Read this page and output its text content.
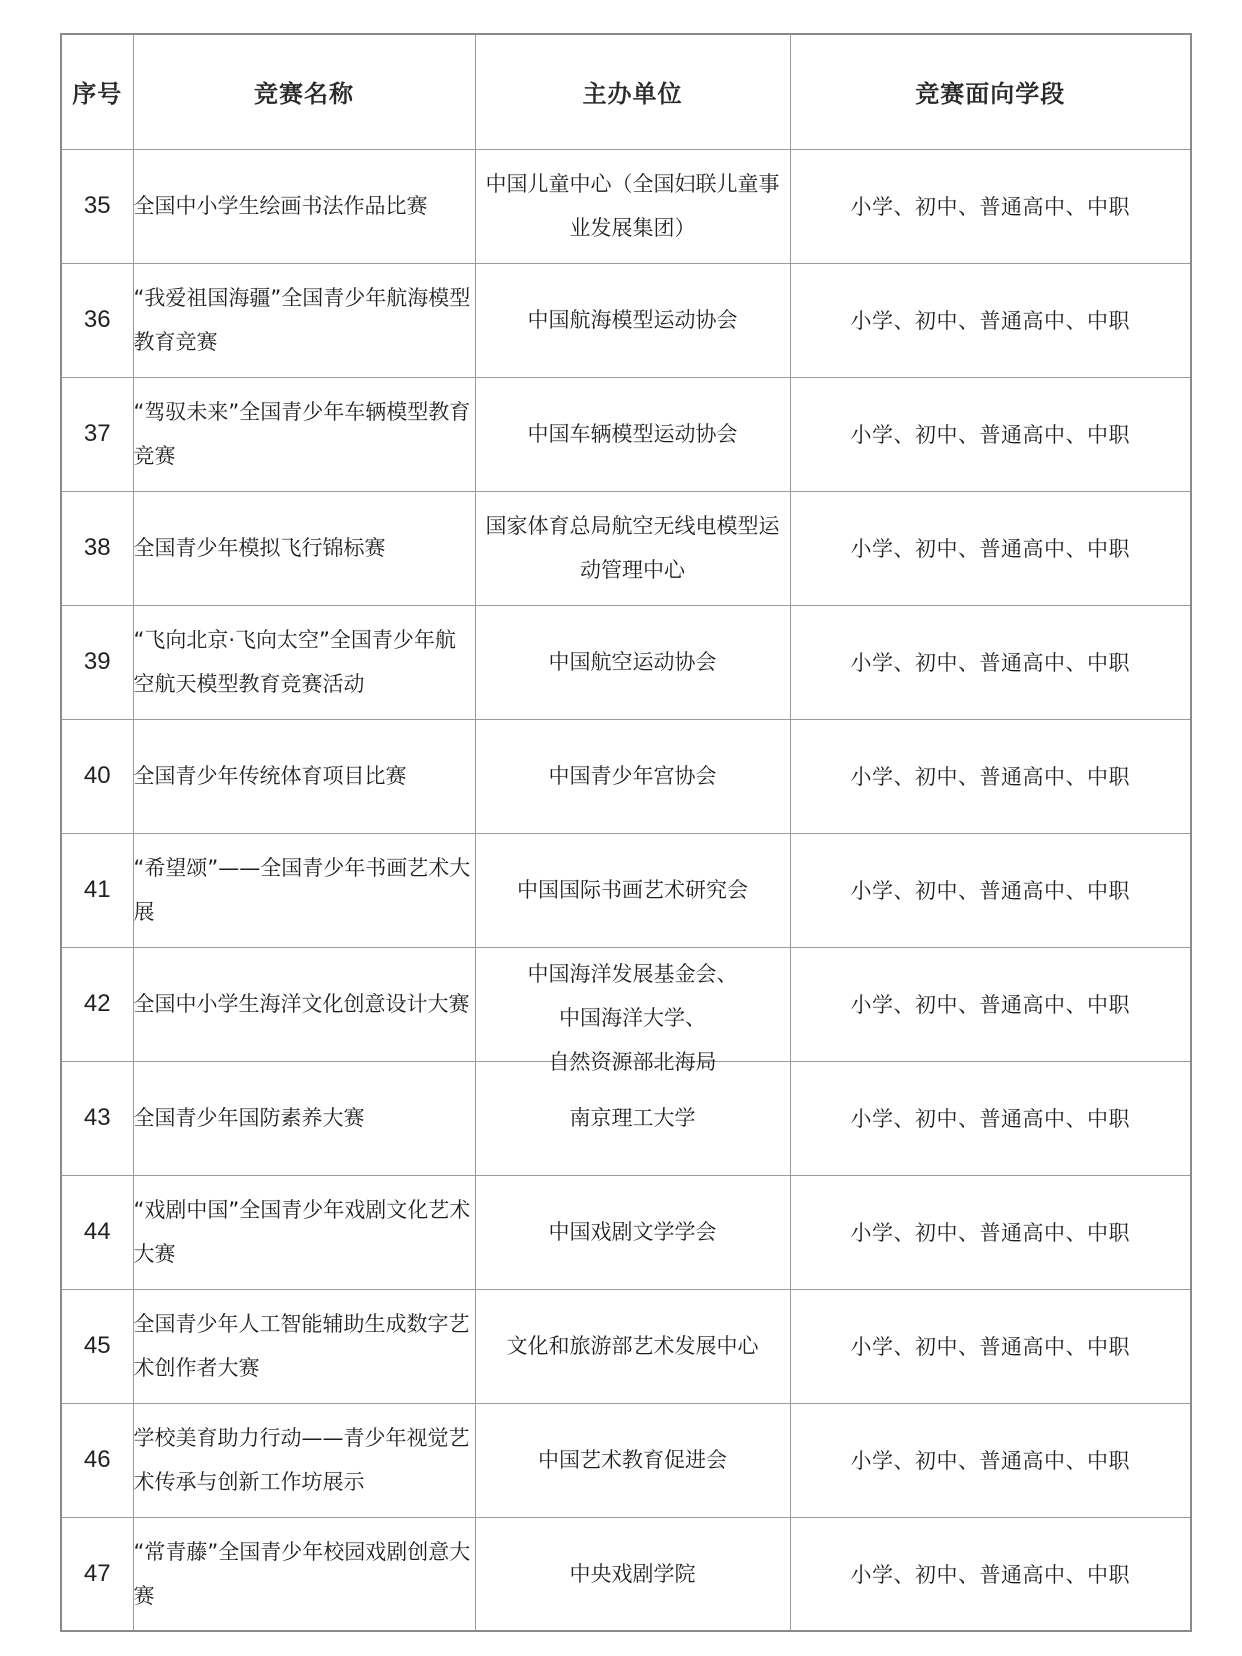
序号	竞赛名称	主办单位	竞赛面向学段
35	全国中小学生绘画书法作品比赛	中国儿童中心（全国妇联儿童事业发展集团）	小学、初中、普通高中、中职
36	“我爱祖国海疆”全国青少年航海模型教育竞赛	中国航海模型运动协会	小学、初中、普通高中、中职
37	“驾驭未来”全国青少年车辆模型教育竞赛	中国车辆模型运动协会	小学、初中、普通高中、中职
38	全国青少年模拟飞行锦标赛	国家体育总局航空无线电模型运动管理中心	小学、初中、普通高中、中职
39	“飞向北京·飞向太空”全国青少年航空航天模型教育竞赛活动	中国航空运动协会	小学、初中、普通高中、中职
40	全国青少年传统体育项目比赛	中国青少年宫协会	小学、初中、普通高中、中职
41	“希望颂”——全国青少年书画艺术大展	中国国际书画艺术研究会	小学、初中、普通高中、中职
42	全国中小学生海洋文化创意设计大赛	中国海洋发展基金会、
中国海洋大学、
自然资源部北海局	小学、初中、普通高中、中职
43	全国青少年国防素养大赛	南京理工大学	小学、初中、普通高中、中职
44	“戏剧中国”全国青少年戏剧文化艺术大赛	中国戏剧文学学会	小学、初中、普通高中、中职
45	全国青少年人工智能辅助生成数字艺术创作者大赛	文化和旅游部艺术发展中心	小学、初中、普通高中、中职
46	学校美育助力行动——青少年视觉艺术传承与创新工作坊展示	中国艺术教育促进会	小学、初中、普通高中、中职
47	“常青藤”全国青少年校园戏剧创意大赛	中央戏剧学院	小学、初中、普通高中、中职
